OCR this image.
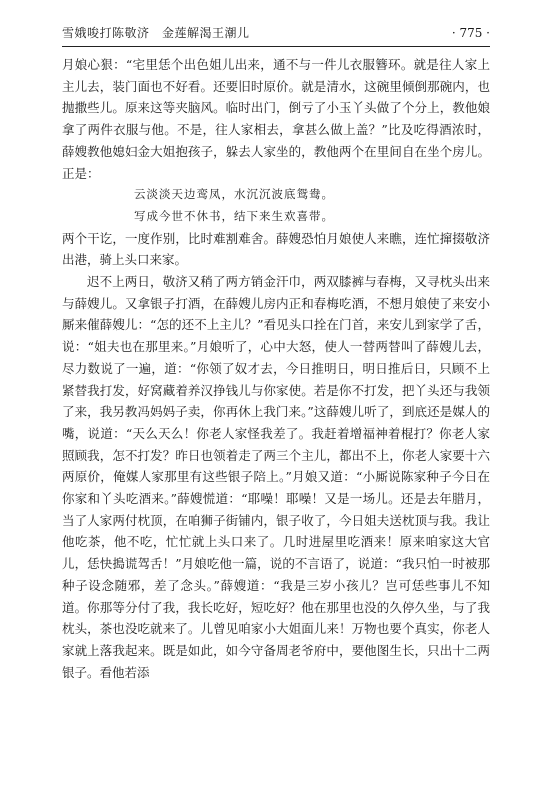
雪娥唆打陈敬济　金莲解渴王潮儿	· 775 ·

月娘心狠：“宅里恁个出色姐儿出来，通不与一件儿衣服簪环。就是往人家上主儿去，装门面也不好看。还要旧时原价。就是清水，这碗里倾倒那碗内，也抛撒些儿。原来这等夹脑风。临时出门，倒亏了小玉丫头做了个分上，教他娘拿了两件衣服与他。不是，往人家相去，拿甚么做上盖？”比及吃得酒浓时，薛嫂教他媳妇金大姐抱孩子，躲去人家坐的，教他两个在里间自在坐个房儿。正是：

云淡淡天边鸾凤，水沉沉波底鸳鸯。

写成今世不休书，结下来生欢喜带。

两个干讫，一度作别，比时难割难舍。薛嫂恐怕月娘使人来瞧，连忙撺掇敬济出港，骑上头口来家。

迟不上两日，敬济又稍了两方销金汗巾，两双膝裤与春梅，又寻枕头出来与薛嫂儿。又拿银子打酒，在薛嫂儿房内正和春梅吃酒，不想月娘使了来安小厮来催薛嫂儿：“怎的还不上主儿？”看见头口拴在门首，来安儿到家学了舌，说：“姐夫也在那里来。”月娘听了，心中大怒，使人一替两替叫了薛嫂儿去，尽力数说了一遍，道：“你领了奴才去，今日推明日，明日推后日，只顾不上紧替我打发，好窝藏着养汉挣钱儿与你家使。若是你不打发，把丫头还与我领了来，我另教冯妈妈子卖，你再休上我门来。”这薛嫂儿听了，到底还是媒人的嘴，说道：“天么天么！你老人家怪我差了。我赶着增福神着棍打？你老人家照顾我，怎不打发？昨日也领着走了两三个主儿，都出不上，你老人家要十六两原价，俺媒人家那里有这些银子陪上。”月娘又道：“小厮说陈家种子今日在你家和丫头吃酒来。”薛嫂慌道：“耶噪！耶噪！又是一场儿。还是去年腊月，当了人家两付枕顶，在咱狮子街铺内，银子收了，今日姐夫送枕顶与我。我让他吃茶，他不吃，忙忙就上头口来了。几时进屋里吃酒来！原来咱家这大官儿，恁快搗谎驾舌！”月娘吃他一篇，说的不言语了，说道：“我只怕一时被那种子设念随邪，差了念头。”薛嫂道：“我是三岁小孩儿？岂可恁些事儿不知道。你那等分付了我，我长吃好，短吃好？他在那里也没的久停久坐，与了我枕头，茶也没吃就来了。儿曾见咱家小大姐面儿来！万物也要个真实，你老人家就上落我起来。既是如此，如今守备周老爷府中，要他图生长，只出十二两银子。看他若添
